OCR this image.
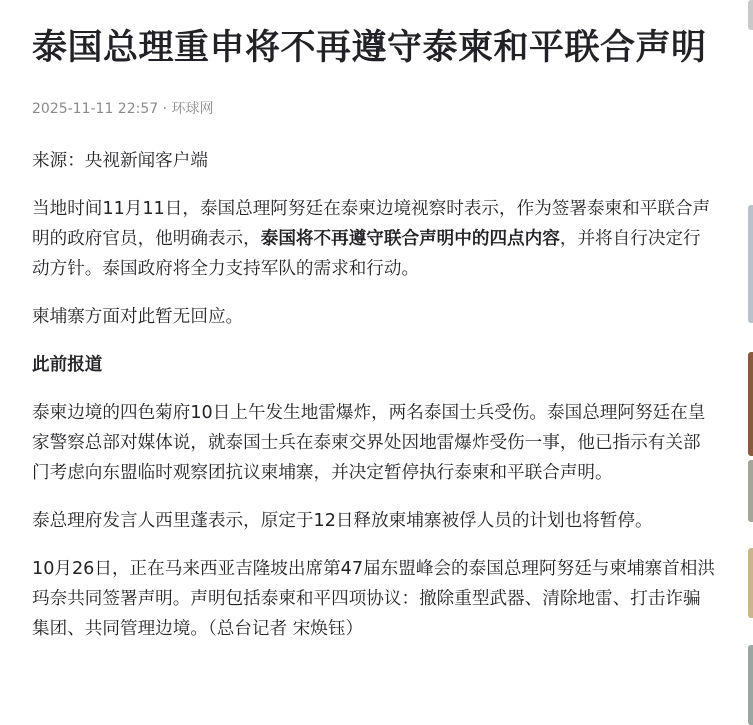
泰国总理重申将不再遵守泰柬和平联合声明
2025-11-11 22:57 · 环球网

来源：央视新闻客户端

当地时间11月11日，泰国总理阿努廷在泰柬边境视察时表示，作为签署泰柬和平联合声明的政府官员，他明确表示，泰国将不再遵守联合声明中的四点内容，并将自行决定行动方针。泰国政府将全力支持军队的需求和行动。

柬埔寨方面对此暂无回应。

此前报道

泰柬边境的四色菊府10日上午发生地雷爆炸，两名泰国士兵受伤。泰国总理阿努廷在皇家警察总部对媒体说，就泰国士兵在泰柬交界处因地雷爆炸受伤一事，他已指示有关部门考虑向东盟临时观察团抗议柬埔寨，并决定暂停执行泰柬和平联合声明。

泰总理府发言人西里蓬表示，原定于12日释放柬埔寨被俘人员的计划也将暂停。

10月26日，正在马来西亚吉隆坡出席第47届东盟峰会的泰国总理阿努廷与柬埔寨首相洪玛奈共同签署声明。声明包括泰柬和平四项协议：撤除重型武器、清除地雷、打击诈骗集团、共同管理边境。（总台记者 宋焕钰）
